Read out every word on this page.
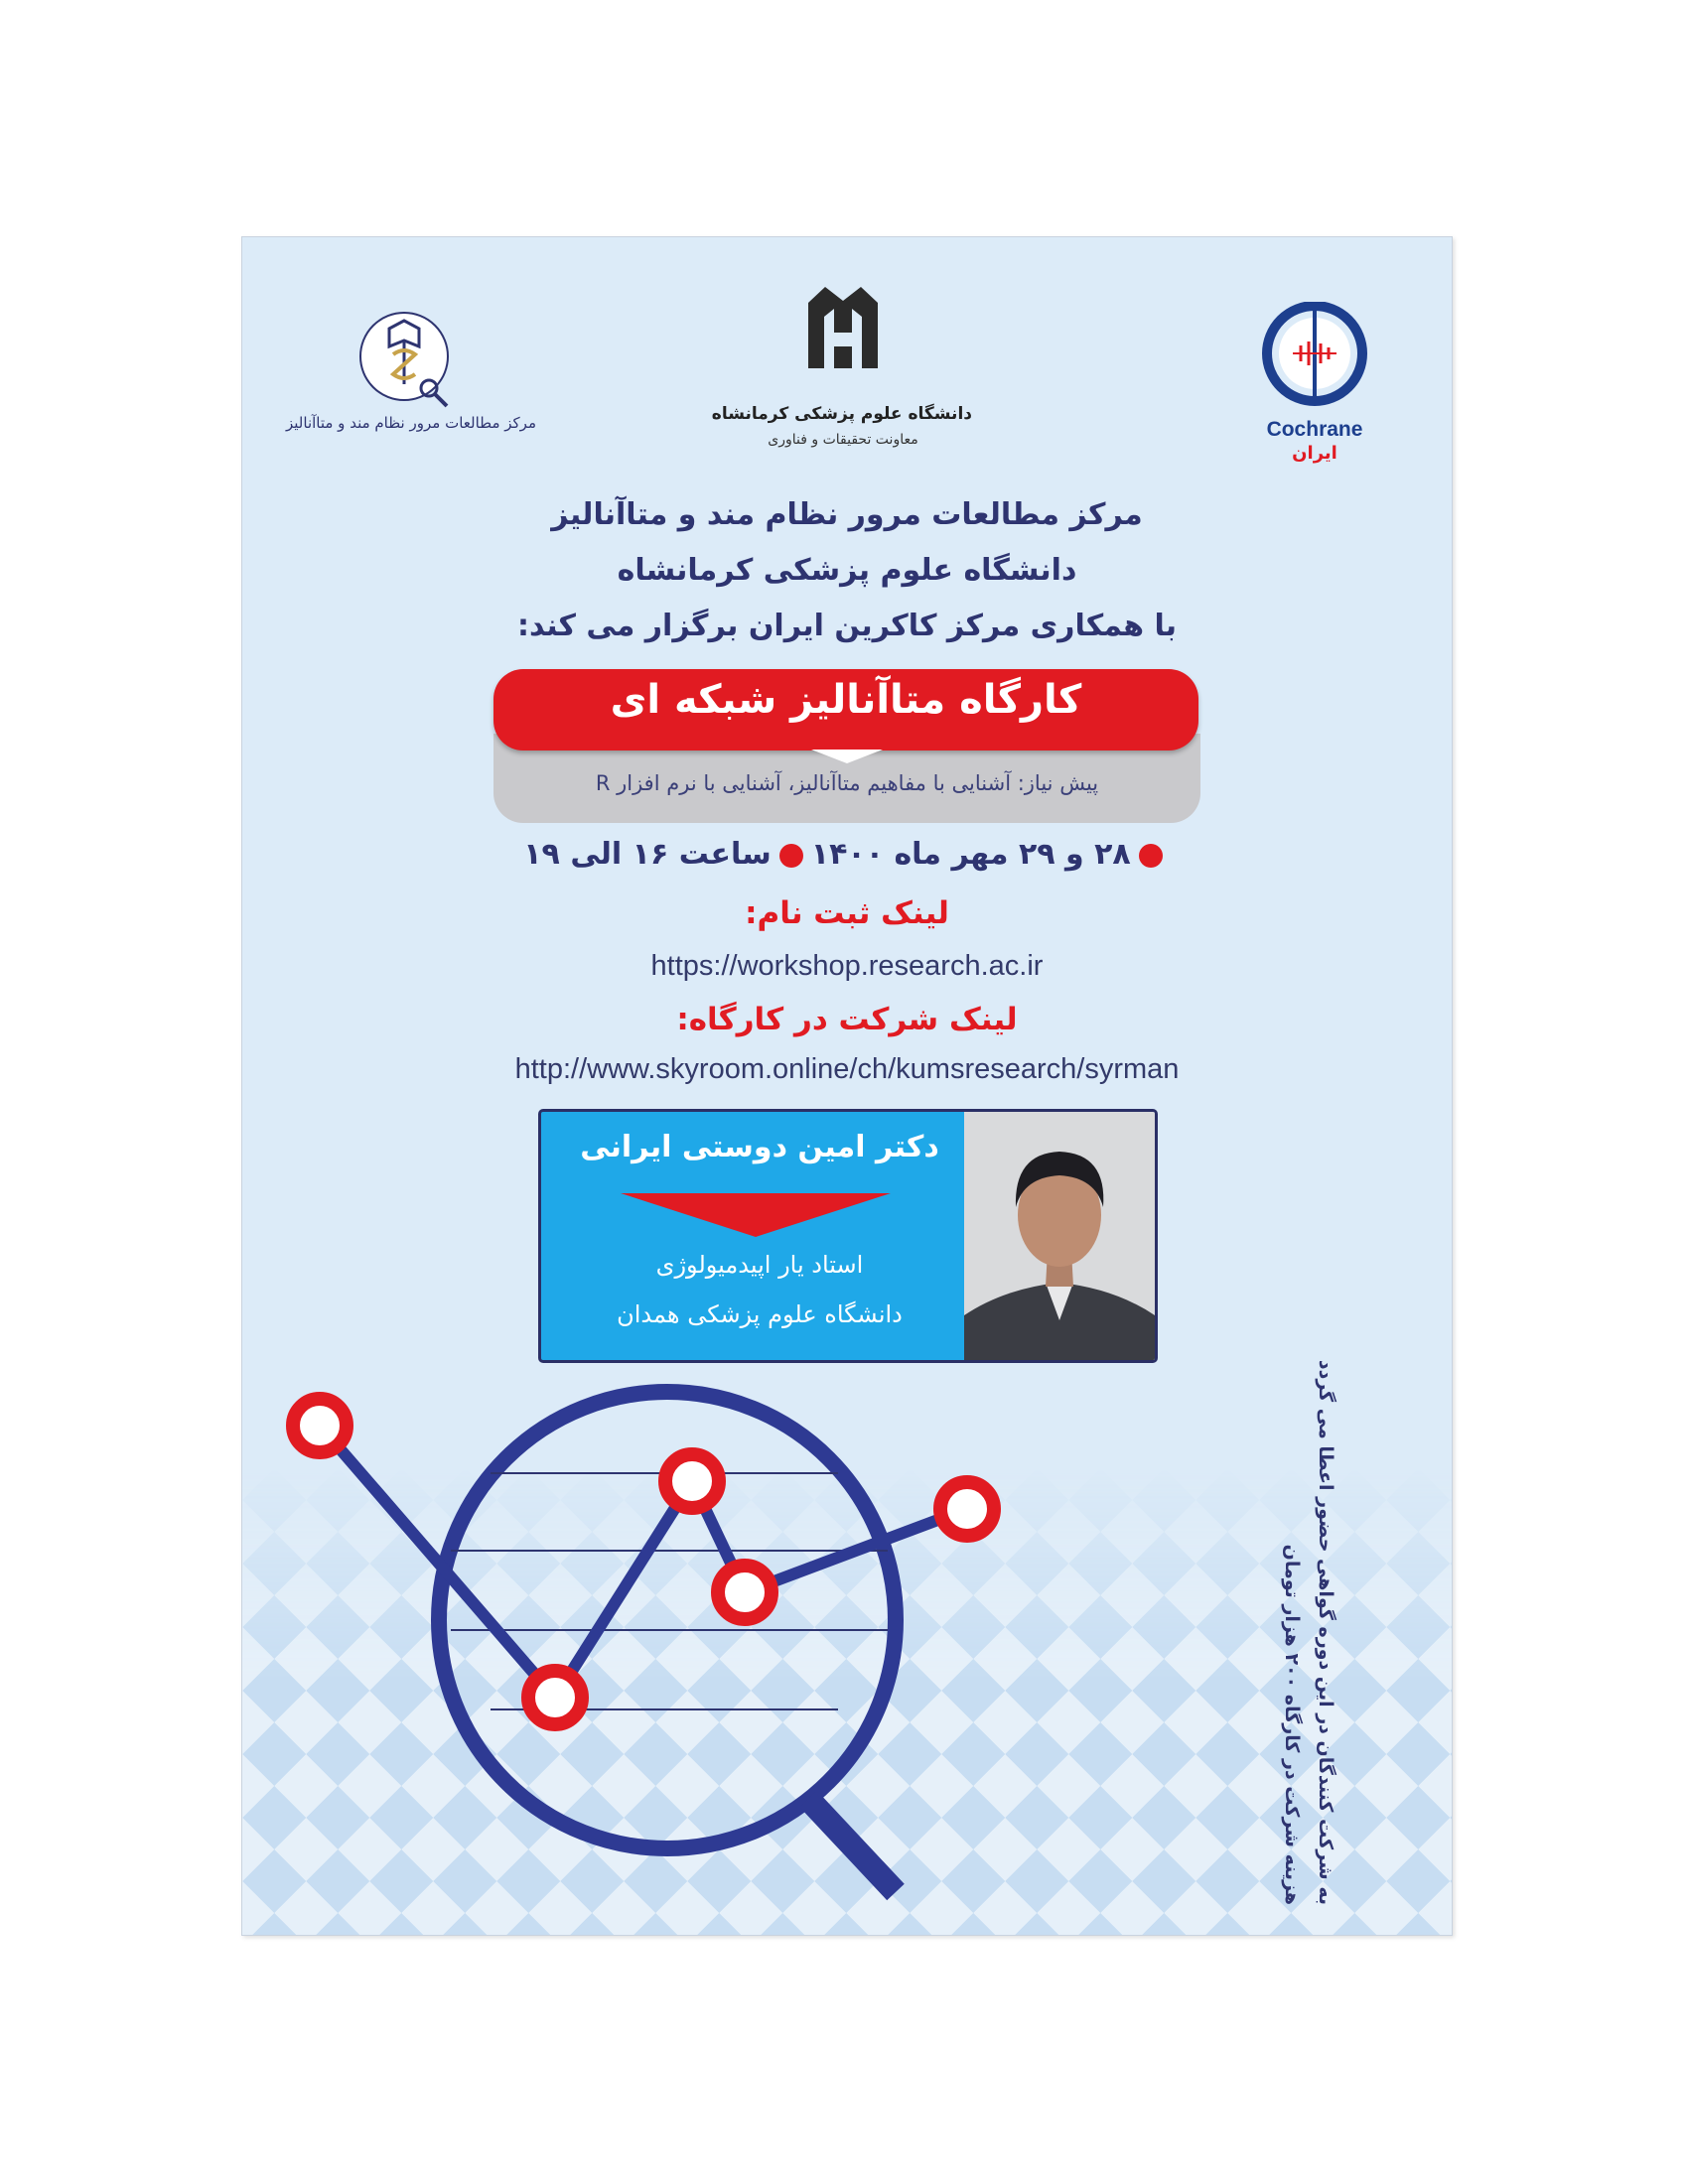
مرکز مطالعات مرور نظام مند و متاآنالیز	دانشگاه علوم پزشکی کرمانشاه
معاونت تحقیقات و فناوری	Cochrane
ایران
مرکز مطالعات مرور نظام مند و متاآنالیز
دانشگاه علوم پزشکی کرمانشاه
با همکاری مرکز کاکرین ایران برگزار می کند:
پیش نیاز: آشنایی با مفاهیم متاآنالیز، آشنایی با نرم افزار R
کارگاه متاآنالیز شبکه ای
۲۸ و ۲۹ مهر ماه ۱۴۰۰ساعت ۱۶ الی ۱۹
لینک ثبت نام:
https://workshop.research.ac.ir
لینک شرکت در کارگاه:
http://www.skyroom.online/ch/kumsresearch/syrman
دکتر امین دوستی ایرانی
استاد یار اپیدمیولوژی
دانشگاه علوم پزشکی همدان
به شرکت کنندگان در این دوره گواهی حضور اعطا می گردد
هزینه شرکت در کارگاه ۲۰۰ هزار تومان
